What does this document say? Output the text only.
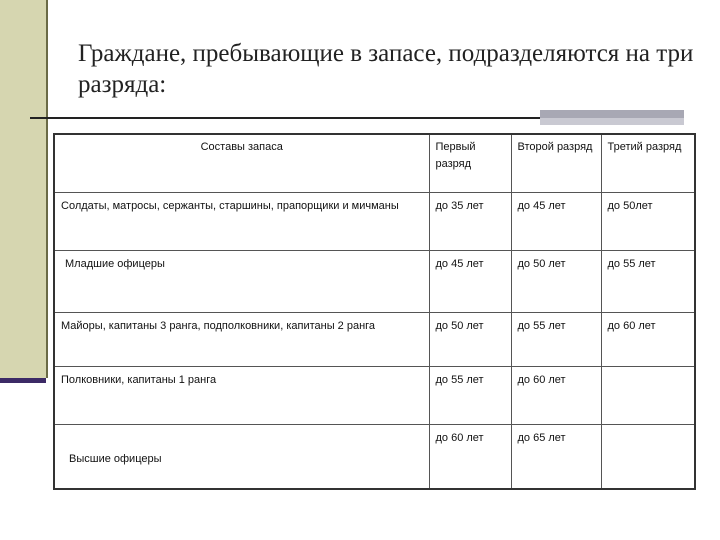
Граждане, пребывающие в запасе, подразделяются на три разряда:
Составы запаса	Первый разряд	Второй разряд	Третий разряд
Солдаты, матросы, сержанты, старшины, прапорщики и мичманы	до 35 лет	до 45 лет	до 50лет
Младшие офицеры	до 45 лет	до 50 лет	до 55 лет
Майоры, капитаны 3 ранга, подполковники, капитаны 2 ранга	до 50 лет	до 55 лет	до 60 лет
Полковники, капитаны 1 ранга	до 55 лет	до 60 лет	
Высшие офицеры	до 60 лет	до 65 лет	
